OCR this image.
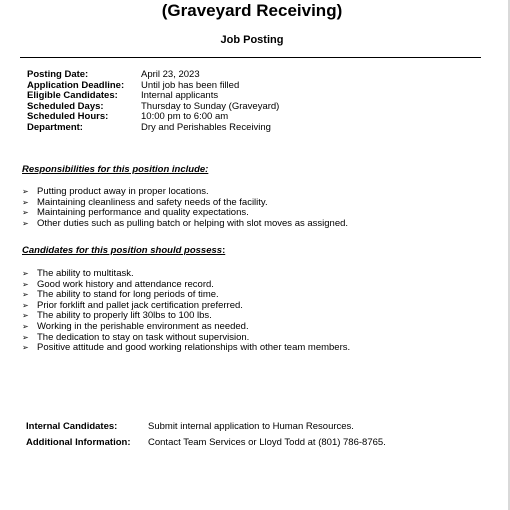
(Graveyard Receiving)
Job Posting
Posting Date:	April 23, 2023
Application Deadline:	Until job has been filled
Eligible Candidates:	Internal applicants
Scheduled Days:	Thursday to Sunday (Graveyard)
Scheduled Hours:	10:00 pm to 6:00 am
Department:	Dry and Perishables Receiving
Responsibilities for this position include:
➢ Putting product away in proper locations.
➢ Maintaining cleanliness and safety needs of the facility.
➢ Maintaining performance and quality expectations.
➢ Other duties such as pulling batch or helping with slot moves as assigned.
Candidates for this position should possess:
➢ The ability to multitask.
➢ Good work history and attendance record.
➢ The ability to stand for long periods of time.
➢ Prior forklift and pallet jack certification preferred.
➢ The ability to properly lift 30lbs to 100 lbs.
➢ Working in the perishable environment as needed.
➢ The dedication to stay on task without supervision.
➢ Positive attitude and good working relationships with other team members.
Internal Candidates:	Submit internal application to Human Resources.
Additional Information:	Contact Team Services or Lloyd Todd at (801) 786-8765.
